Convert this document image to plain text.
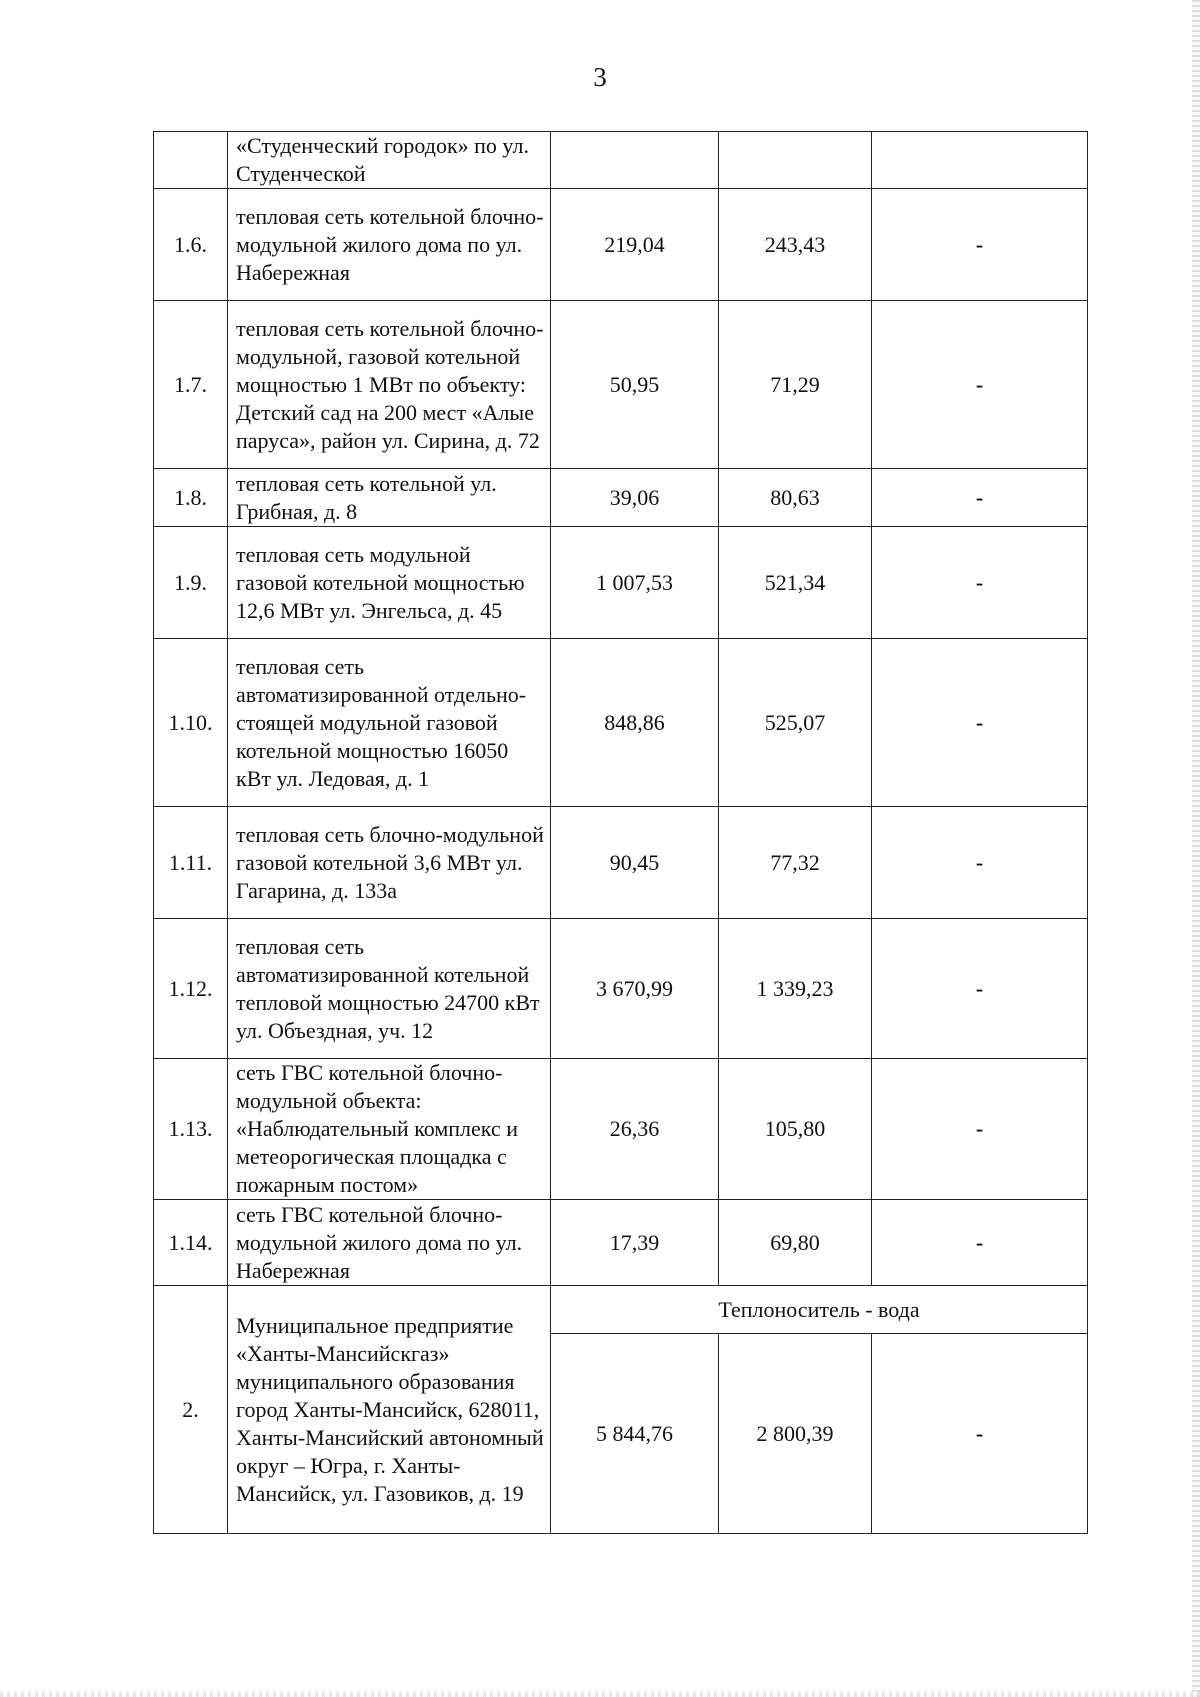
3
	«Студенческий городок» по ул. Студенческой			
1.6.	тепловая сеть котельной блочно-модульной жилого дома по ул. Набережная	219,04	243,43	-
1.7.	тепловая сеть котельной блочно-модульной, газовой котельной мощностью 1 МВт по объекту: Детский сад на 200 мест «Алые паруса», район ул. Сирина, д. 72	50,95	71,29	-
1.8.	тепловая сеть котельной ул. Грибная, д. 8	39,06	80,63	-
1.9.	тепловая сеть модульной газовой котельной мощностью 12,6 МВт ул. Энгельса, д. 45	1 007,53	521,34	-
1.10.	тепловая сеть автоматизированной отдельно-стоящей модульной газовой котельной мощностью 16050 кВт ул. Ледовая, д. 1	848,86	525,07	-
1.11.	тепловая сеть блочно-модульной газовой котельной 3,6 МВт ул. Гагарина, д. 133а	90,45	77,32	-
1.12.	тепловая сеть автоматизированной котельной тепловой мощностью 24700 кВт ул. Объездная, уч. 12	3 670,99	1 339,23	-
1.13.	сеть ГВС котельной блочно-модульной объекта: «Наблюдательный комплекс и метеорогическая площадка с пожарным постом»	26,36	105,80	-
1.14.	сеть ГВС котельной блочно-модульной жилого дома по ул. Набережная	17,39	69,80	-
2.	Муниципальное предприятие «Ханты-Мансийскгаз» муниципального образования город Ханты-Мансийск, 628011, Ханты-Мансийский автономный округ – Югра, г. Ханты-Мансийск, ул. Газовиков, д. 19	Теплоноситель - вода		
		5 844,76	2 800,39	-
